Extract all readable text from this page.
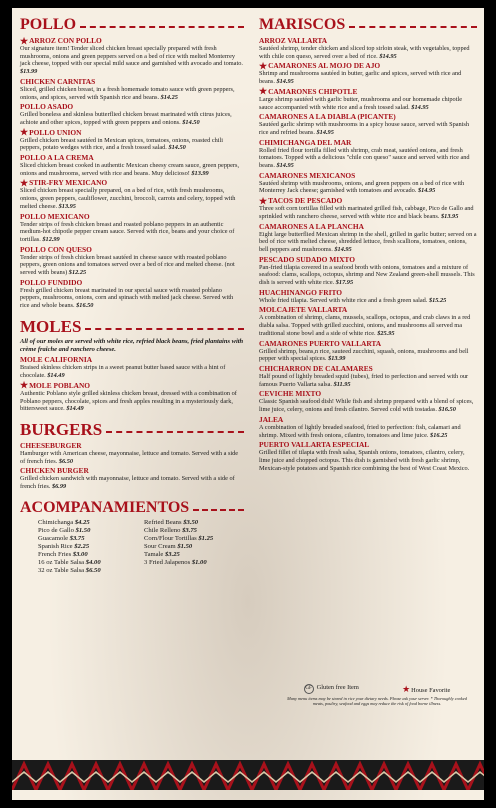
POLLO
★ ARROZ CON POLLO
Our signature item! Tender sliced chicken breast specially prepared with fresh mushrooms, onions and green peppers served on a bed of rice with melted Monterrey jack cheese, topped with our special mild sauce and garnished with avocado and tomato. $13.99
CHICKEN CARNITAS
Sliced, grilled chicken breast, in a fresh homemade tomato sauce with green peppers, onions, and spices, served with Spanish rice and beans. $14.25
POLLO ASADO
Grilled boneless and skinless butterflied chicken breast marinated with citrus juices, achiote and other spices, topped with green peppers and onions. $14.50
★ POLLO UNION
Grilled chicken breast sautéed in Mexican spices, tomatoes, onions, roasted chili peppers, potato wedges with rice, and a fresh tossed salad. $14.50
POLLO A LA CREMA
Sliced chicken breast cooked in authentic Mexican cheesy cream sauce, green peppers, onions and mushrooms, served with rice and beans. Muy delicioso! $13.99
★ STIR-FRY MEXICANO
Sliced chicken breast specially prepared, on a bed of rice, with fresh mushrooms, onions, green peppers, cauliflower, zucchini, broccoli, carrots and celery, topped with melted cheese. $13.95
POLLO MEXICANO
Tender strips of fresh chicken breast and roasted poblano peppers in an authentic medium-hot chipotle pepper cream sauce. Served with rice, beans and your choice of tortillas. $12.99
POLLO CON QUESO
Tender strips of fresh chicken breast sautéed in cheese sauce with roasted poblano peppers, green onions and tomatoes served over a bed of rice and melted cheese. (not served with beans) $12.25
POLLO FUNDIDO
Fresh grilled chicken breast marinated in our special sauce with roasted poblano peppers, mushrooms, onions, corn and spinach with melted jack cheese. Served with rice and whole beans. $16.50
MOLES
All of our moles are served with white rice, refried black beans, fried plantains with crème fraîche and ranchero cheese.
MOLE CALIFORNIA
Braised skinless chicken strips in a sweet peanut butter based sauce with a hint of chocolate. $14.49
★ MOLE POBLANO
Authentic Poblano style grilled skinless chicken breast, dressed with a combination of Poblano peppers, chocolate, spices and fresh apples resulting in a mysteriously dark, bittersweet sauce. $14.49
BURGERS
CHEESEBURGER
Hamburger with American cheese, mayonnaise, lettuce and tomato. Served with a side of french fries. $6.50
CHICKEN BURGER
Grilled chicken sandwich with mayonnaise, lettuce and tomato. Served with a side of french fries. $6.99
ACOMPANAMIENTOS
Chimichanga $4.25
Pico de Gallo $1.50
Guacamole $3.75
Spanish Rice $2.25
French Fries $3.00
16 oz Table Salsa $4.00
32 oz Table Salsa $6.50
Refried Beans $3.50
Chile Relleno $3.75
Corn/Flour Tortillas $1.25
Sour Cream $1.50
Tamale $3.25
3 Fried Jalapenos $1.00
MARISCOS
ARROZ VALLARTA
Sautéed shrimp, tender chicken and sliced top sirloin steak, with vegetables, topped with chile con queso, served over a bed of rice. $14.95
★ CAMARONES AL MOJO DE AJO
Shrimp and mushrooms sautéed in butter, garlic and spices, served with rice and beans. $14.95
★ CAMARONES CHIPOTLE
Large shrimp sautéed with garlic butter, mushrooms and our homemade chipotle sauce accompanied with white rice and a fresh tossed salad. $14.95
CAMARONES A LA DIABLA (PICANTE)
Sautéed garlic shrimp with mushrooms in a spicy house sauce, served with Spanish rice and refried beans. $14.95
CHIMICHANGA DEL MAR
Rolled fried flour tortilla filled with shrimp, crab meat, sautéed onions, and fresh tomatoes. Topped with a delicious "chile con queso" sauce and served with rice and beans. $14.95
CAMARONES MEXICANOS
Sautéed shrimp with mushrooms, onions, and green peppers on a bed of rice with Monterrey Jack cheese; garnished with tomatoes and avocado. $14.95
★ TACOS DE PESCADO
Three soft corn tortillas filled with marinated grilled fish, cabbage, Pico de Gallo and sprinkled with ranchero cheese, served with white rice and black beans. $13.95
CAMARONES A LA PLANCHA
Eight large butterflied Mexican shrimp in the shell, grilled in garlic butter; served on a bed of rice with melted cheese, shredded lettuce, fresh scallions, tomatoes, onions, bell peppers and mushrooms. $14.95
PESCADO SUDADO MIXTO
Pan-fried tilapia covered in a seafood broth with onions, tomatoes and a mixture of seafood: clams, scallops, octopus, shrimp and New Zealand green-shell mussels. This dish is served with white rice. $17.95
HUACHINANGO FRITO
Whole fried tilapia. Served with white rice and a fresh green salad. $15.25
MOLCAJETE VALLARTA
A combination of shrimp, clams, mussels, scallops, octopus, and crab claws in a red diabla salsa. Topped with grilled zucchini, onions, and mushrooms all served ma traditional stone bowl and a side of white rice. $25.95
CAMARONES PUERTO VALLARTA
Grilled shrimp, beans,n rice, sauteed zucchini, squash, onions, mushrooms and bell pepper with special spices. $13.99
CHICHARRON DE CALAMARES
Half pound of lightly breaded squid (tubes), fried to perfection and served with our famous Puerto Vallarta salsa. $11.95
CEVICHE MIXTO
Classic Spanish seafood dish! While fish and shrimp prepared with a blend of spices, lime juice, celery, onions and fresh cilantro. Served cold with tostadas. $16.50
JALEA
A combination of lightly breaded seafood, fried to perfection: fish, calamari and shrimp. Mixed with fresh onions, cilantro, tomatoes and lime juice. $16.25
PUERTO VALLARTA ESPECIAL
Grilled fillet of tilapia with fresh salsa, Spanish onions, tomatoes, cilantro, celery, lime juice and chopped octopus. This dish is garnished with fresh garlic shrimp, Mexican-style potatoes and Spanish rice combining the best of West Coast Mexico.
GF Gluten free Item	★House Favorite
Many menu items may be stored in rice your dietary needs. Please ask your server. * Thoroughly cooked meats, poultry, seafood and eggs may reduce the risk of food borne illness.
